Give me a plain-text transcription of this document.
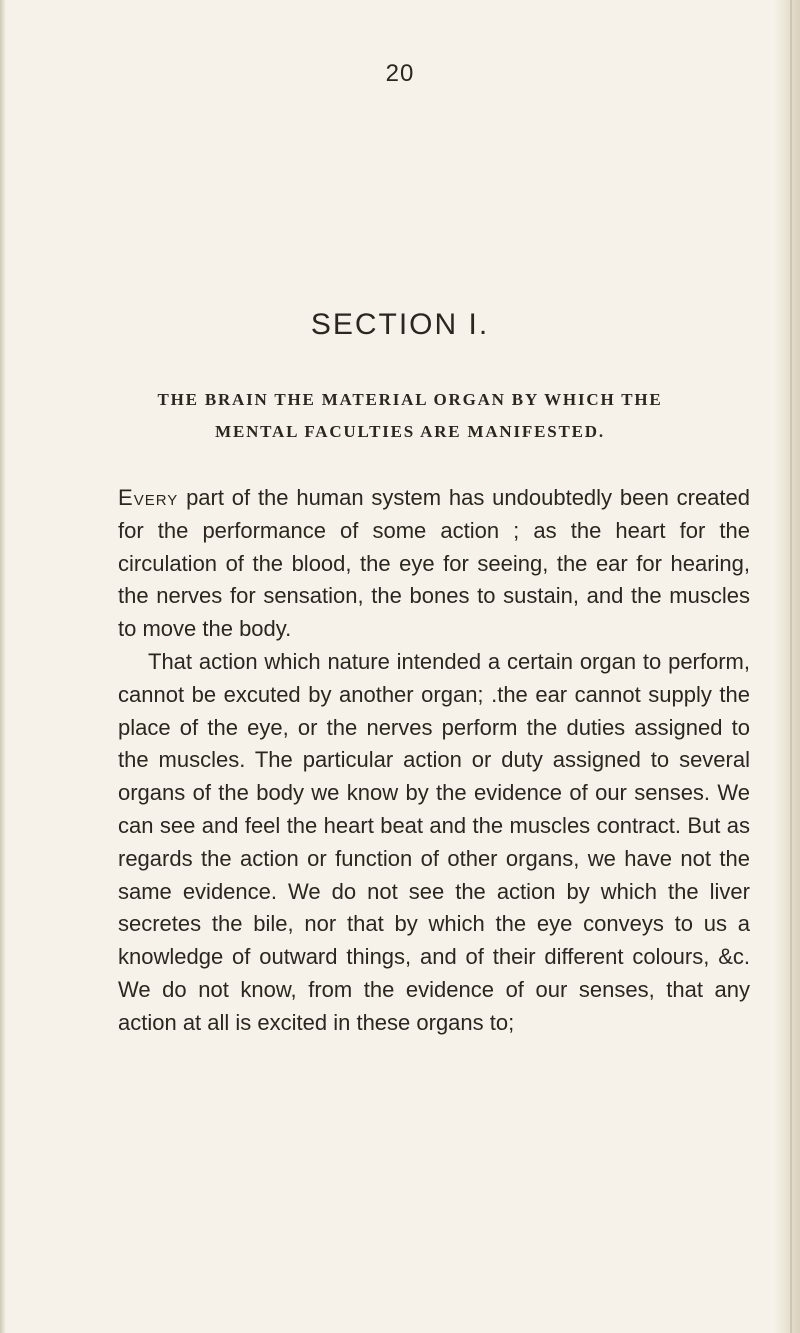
20
SECTION I.
THE BRAIN THE MATERIAL ORGAN BY WHICH THE
MENTAL FACULTIES ARE MANIFESTED.

Every part of the human system has undoubtedly been created for the performance of some action ; as the heart for the circulation of the blood, the eye for seeing, the ear for hearing, the nerves for sensation, the bones to sustain, and the muscles to move the body.

That action which nature intended a certain organ to perform, cannot be excuted by another organ; .the ear cannot supply the place of the eye, or the nerves perform the duties assigned to the muscles. The particular action or duty assigned to several organs of the body we know by the evidence of our senses. We can see and feel the heart beat and the muscles contract. But as regards the action or function of other organs, we have not the same evidence. We do not see the action by which the liver secretes the bile, nor that by which the eye conveys to us a knowledge of outward things, and of their different colours, &c. We do not know, from the evidence of our senses, that any action at all is excited in these organs to;
